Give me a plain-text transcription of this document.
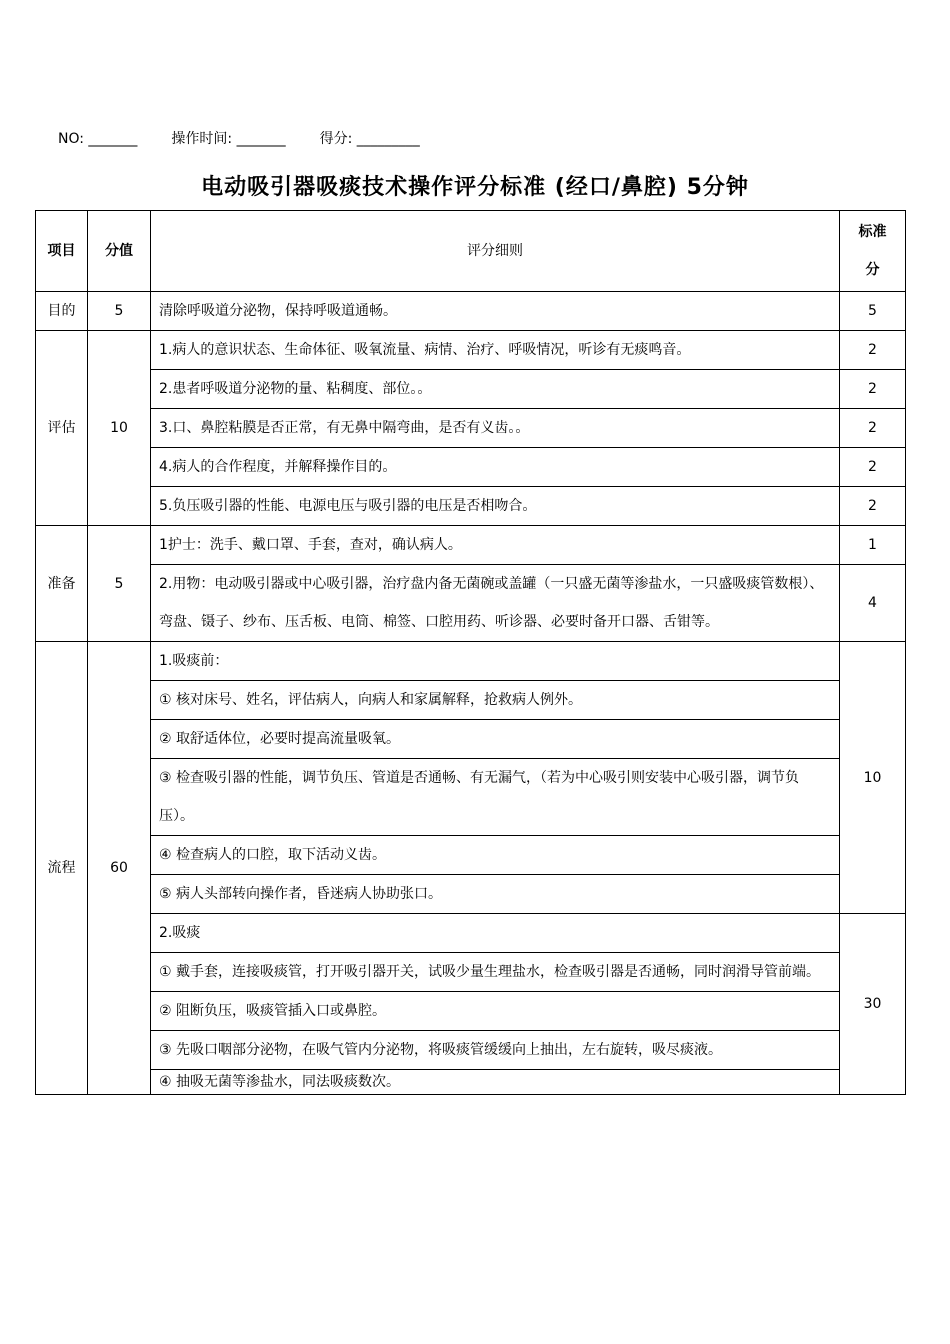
NO: _______ 操作时间: _______ 得分: _________
电动吸引器吸痰技术操作评分标准 (经口/鼻腔) 5分钟
项目	分值	评分细则	标准
分
目的	5	清除呼吸道分泌物，保持呼吸道通畅。	5
评估	10	1.病人的意识状态、生命体征、吸氧流量、病情、治疗、呼吸情况，听诊有无痰鸣音。	2
		2.患者呼吸道分泌物的量、粘稠度、部位。。	2
		3.口、鼻腔粘膜是否正常，有无鼻中隔弯曲，是否有义齿。。	2
		4.病人的合作程度，并解释操作目的。	2
		5.负压吸引器的性能、电源电压与吸引器的电压是否相吻合。	2
准备	5	1护士：洗手、戴口罩、手套，查对，确认病人。	1
		2.用物：电动吸引器或中心吸引器，治疗盘内备无菌碗或盖罐（一只盛无菌等渗盐水，一只盛吸痰管数根）、弯盘、镊子、纱布、压舌板、电筒、棉签、口腔用药、听诊器、必要时备开口器、舌钳等。	4
流程	60	1.吸痰前：	10
		① 核对床号、姓名，评估病人，向病人和家属解释，抢救病人例外。	
		② 取舒适体位，必要时提高流量吸氧。	
		③ 检查吸引器的性能，调节负压、管道是否通畅、有无漏气，（若为中心吸引则安装中心吸引器，调节负压）。	
		④ 检查病人的口腔，取下活动义齿。	
		⑤ 病人头部转向操作者，昏迷病人协助张口。	
		2.吸痰	30
		① 戴手套，连接吸痰管，打开吸引器开关，试吸少量生理盐水，检查吸引器是否通畅，同时润滑导管前端。	
		② 阻断负压，吸痰管插入口或鼻腔。	
		③ 先吸口咽部分泌物，在吸气管内分泌物，将吸痰管缓缓向上抽出，左右旋转，吸尽痰液。	
		④ 抽吸无菌等渗盐水，同法吸痰数次。	
